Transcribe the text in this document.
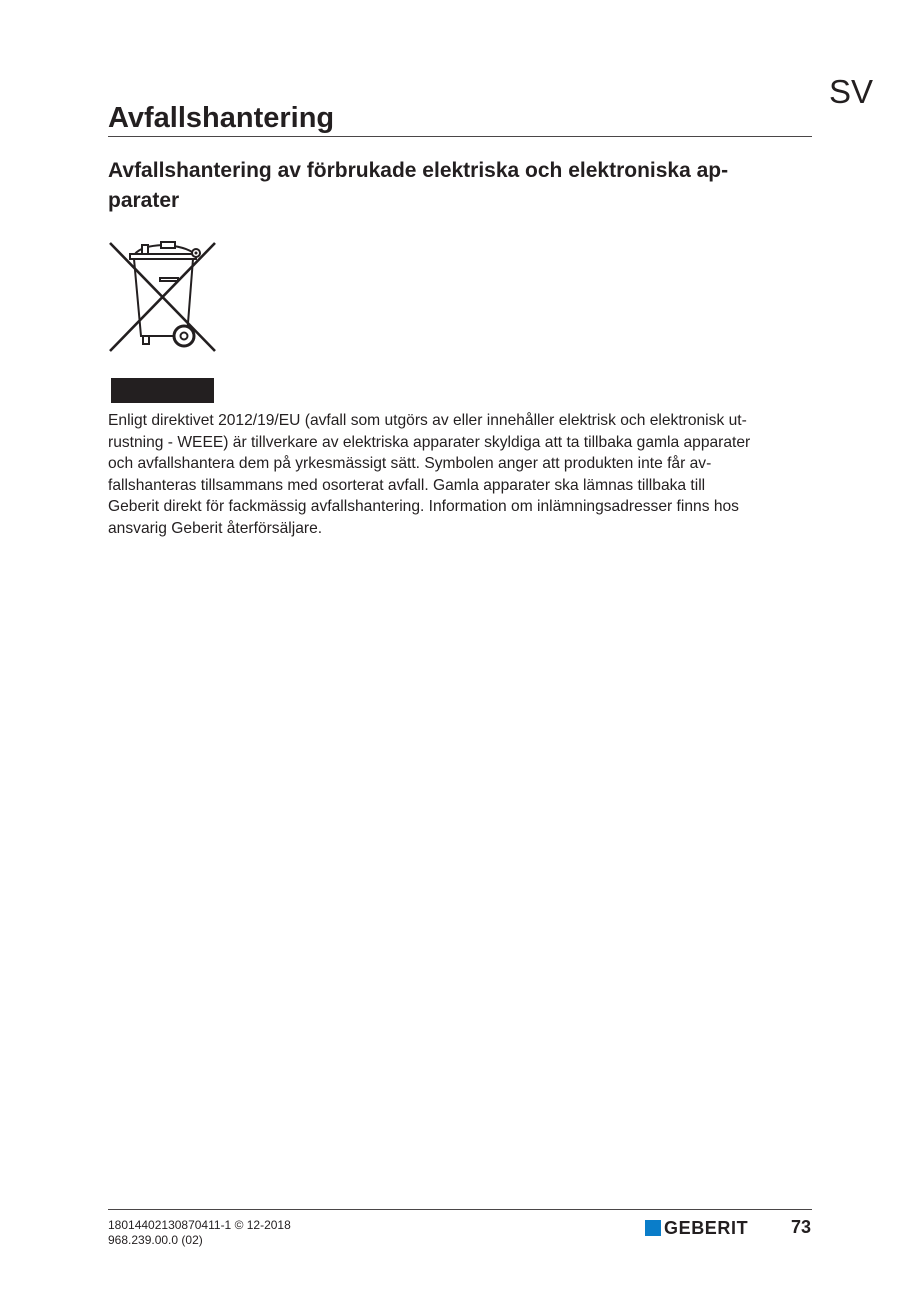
SV
Avfallshantering
Avfallshantering av förbrukade elektriska och elektroniska ap-
parater

Enligt direktivet 2012/19/EU (avfall som utgörs av eller innehåller elektrisk och elektronisk ut-
rustning - WEEE) är tillverkare av elektriska apparater skyldiga att ta tillbaka gamla apparater
och avfallshantera dem på yrkesmässigt sätt. Symbolen anger att produkten inte får av-
fallshanteras tillsammans med osorterat avfall. Gamla apparater ska lämnas tillbaka till
Geberit direkt för fackmässig avfallshantering. Information om inlämningsadresser finns hos
ansvarig Geberit återförsäljare.

18014402130870411-1 © 12-2018
968.239.00.0 (02)
GEBERIT 73
